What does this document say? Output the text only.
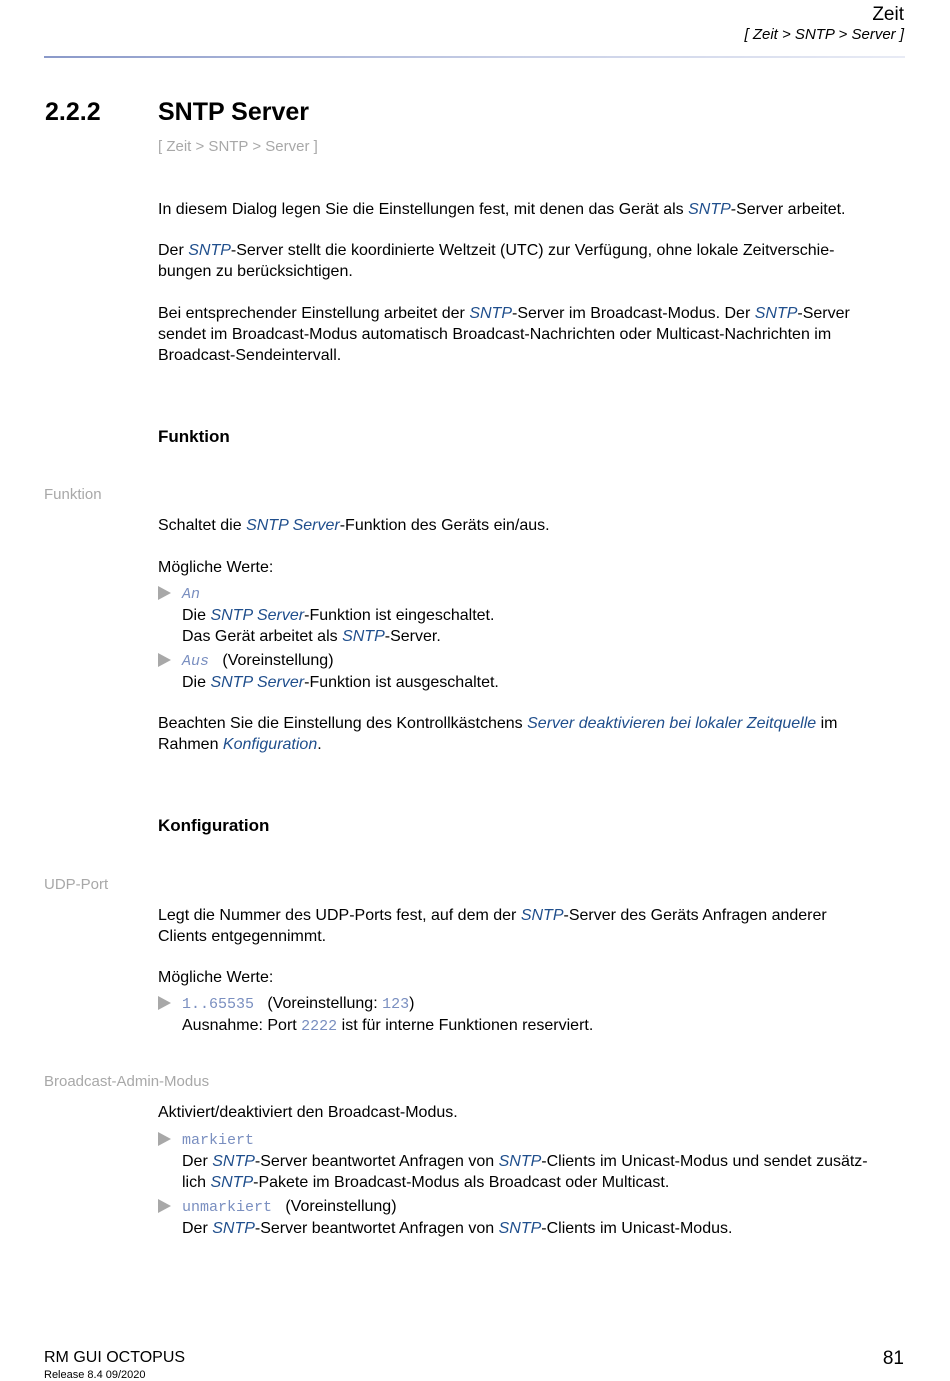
Zeit
[ Zeit > SNTP > Server ]
2.2.2 SNTP Server
[ Zeit > SNTP > Server ]
In diesem Dialog legen Sie die Einstellungen fest, mit denen das Gerät als SNTP-Server arbeitet.
Der SNTP-Server stellt die koordinierte Weltzeit (UTC) zur Verfügung, ohne lokale Zeitverschie-
bungen zu berücksichtigen.
Bei entsprechender Einstellung arbeitet der SNTP-Server im Broadcast-Modus. Der SNTP-Server
sendet im Broadcast-Modus automatisch Broadcast-Nachrichten oder Multicast-Nachrichten im
Broadcast-Sendeintervall.
Funktion
Funktion
Schaltet die SNTP Server-Funktion des Geräts ein/aus.
Mögliche Werte:
An
Die SNTP Server-Funktion ist eingeschaltet.
Das Gerät arbeitet als SNTP-Server.
Aus (Voreinstellung)
Die SNTP Server-Funktion ist ausgeschaltet.
Beachten Sie die Einstellung des Kontrollkästchens Server deaktivieren bei lokaler Zeitquelle im
Rahmen Konfiguration.
Konfiguration
UDP-Port
Legt die Nummer des UDP-Ports fest, auf dem der SNTP-Server des Geräts Anfragen anderer
Clients entgegennimmt.
Mögliche Werte:
1..65535 (Voreinstellung: 123)
Ausnahme: Port 2222 ist für interne Funktionen reserviert.
Broadcast-Admin-Modus
Aktiviert/deaktiviert den Broadcast-Modus.
markiert
Der SNTP-Server beantwortet Anfragen von SNTP-Clients im Unicast-Modus und sendet zusätz-
lich SNTP-Pakete im Broadcast-Modus als Broadcast oder Multicast.
unmarkiert (Voreinstellung)
Der SNTP-Server beantwortet Anfragen von SNTP-Clients im Unicast-Modus.
RM GUI OCTOPUS
Release 8.4 09/2020
81
